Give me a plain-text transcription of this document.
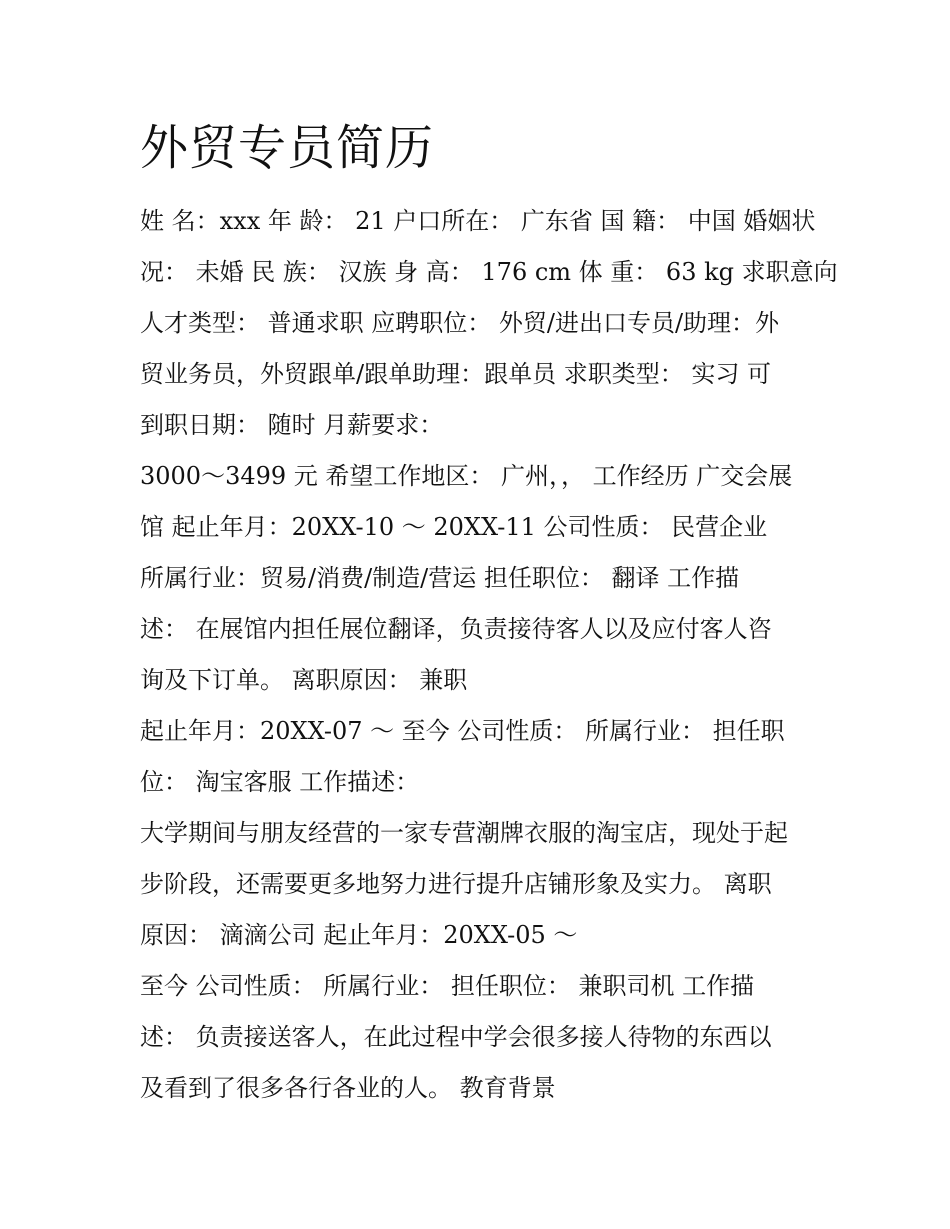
外贸专员简历
姓 名：xxx 年 龄： 21 户口所在： 广东省 国 籍： 中国 婚姻状
况： 未婚 民 族： 汉族 身 高： 176 cm 体 重： 63 kg 求职意向
人才类型： 普通求职 应聘职位： 外贸/进出口专员/助理：外
贸业务员，外贸跟单/跟单助理：跟单员 求职类型： 实习 可
到职日期： 随时 月薪要求：
3000～3499 元 希望工作地区： 广州，， 工作经历 广交会展
馆 起止年月：20XX-10 ～ 20XX-11 公司性质： 民营企业
所属行业：贸易/消费/制造/营运 担任职位： 翻译 工作描
述： 在展馆内担任展位翻译，负责接待客人以及应付客人咨
询及下订单。 离职原因： 兼职
起止年月：20XX-07 ～ 至今 公司性质： 所属行业： 担任职
位： 淘宝客服 工作描述：
大学期间与朋友经营的一家专营潮牌衣服的淘宝店，现处于起
步阶段，还需要更多地努力进行提升店铺形象及实力。 离职
原因： 滴滴公司 起止年月：20XX-05 ～
至今 公司性质： 所属行业： 担任职位： 兼职司机 工作描
述： 负责接送客人，在此过程中学会很多接人待物的东西以
及看到了很多各行各业的人。 教育背景
